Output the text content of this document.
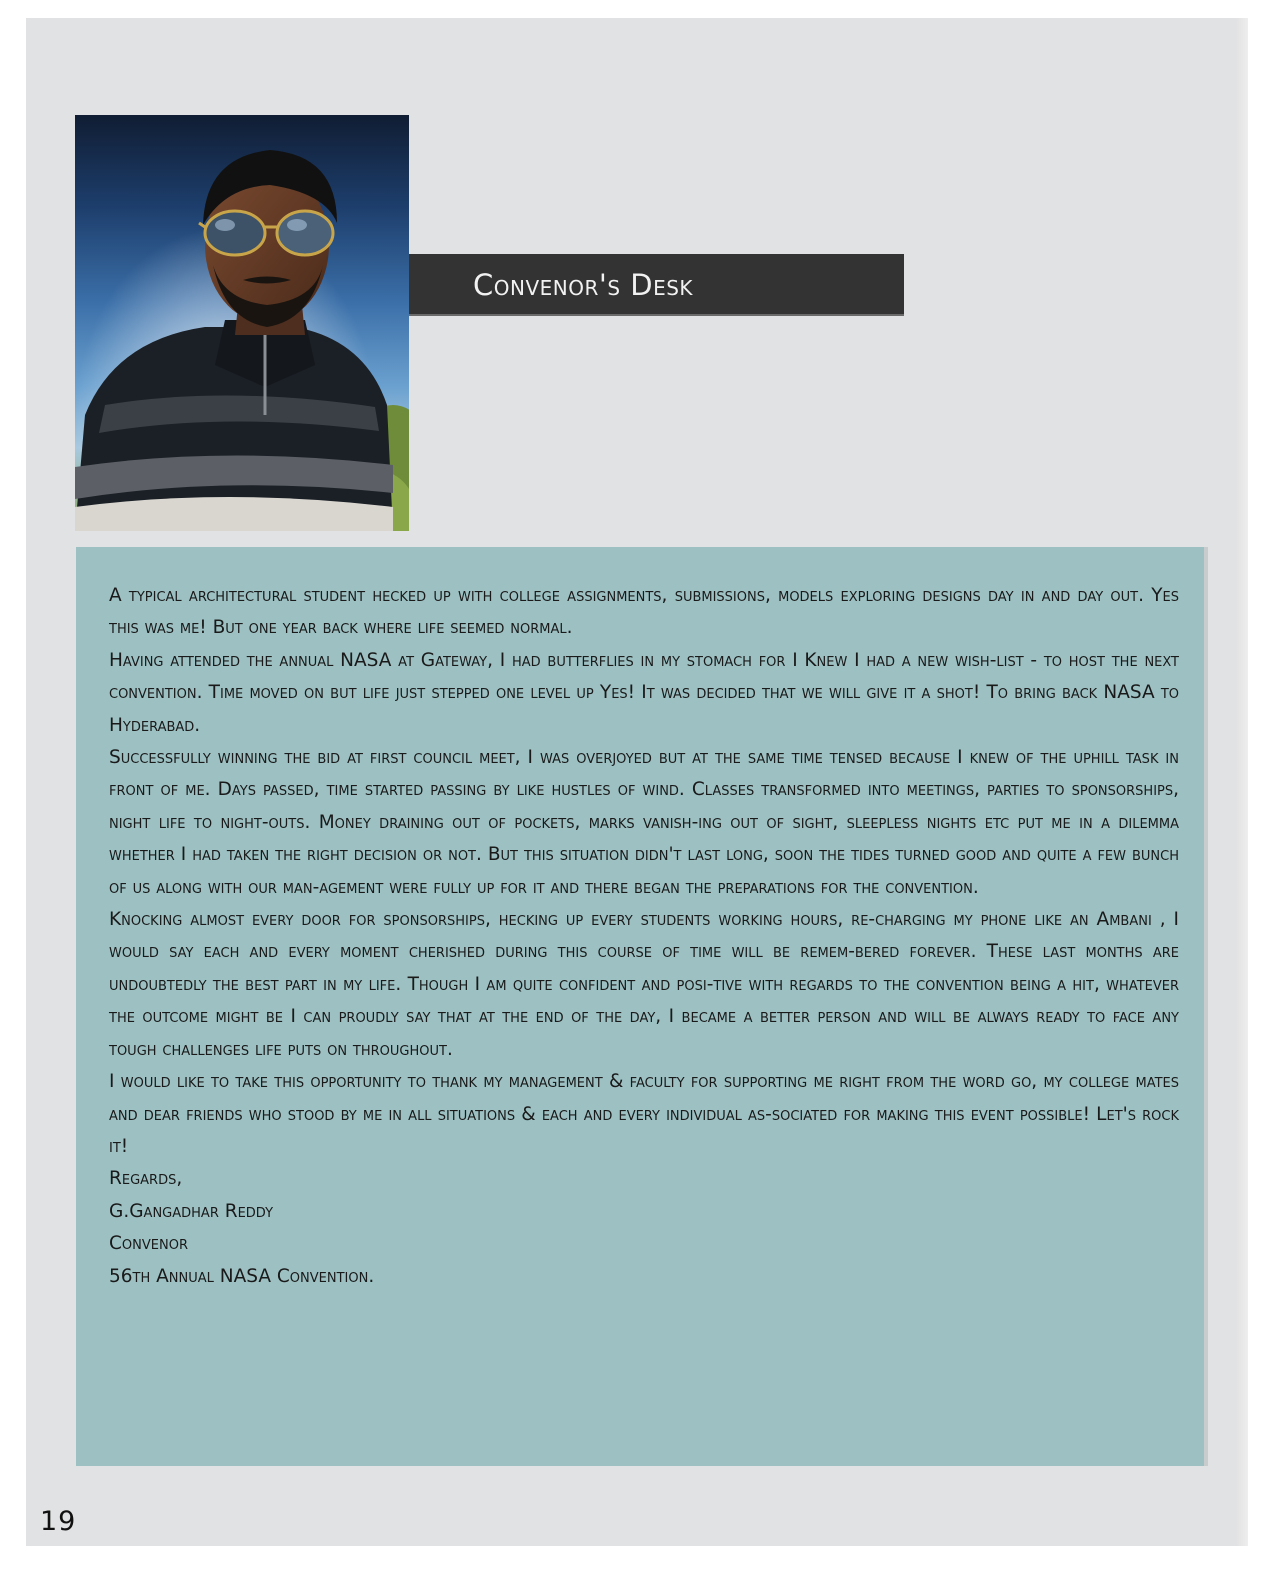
Convenor's Desk

A typical architectural student hecked up with college assignments, submissions, models exploring designs day in and day out. Yes this was me! But one year back where life seemed normal.

Having attended the annual NASA at Gateway, I had butterflies in my stomach for I Knew I had a new wish-list - to host the next convention. Time moved on but life just stepped one level up Yes! It was decided that we will give it a shot! To bring back NASA to Hyderabad.

Successfully winning the bid at first council meet, I was overjoyed but at the same time tensed because I knew of the uphill task in front of me. Days passed, time started passing by like hustles of wind. Classes transformed into meetings, parties to sponsorships, night life to night-outs. Money draining out of pockets, marks vanish-ing out of sight, sleepless nights etc put me in a dilemma whether I had taken the right decision or not. But this situation didn't last long, soon the tides turned good and quite a few bunch of us along with our man-agement were fully up for it and there began the preparations for the convention.

Knocking almost every door for sponsorships, hecking up every students working hours, re-charging my phone like an Ambani , I would say each and every moment cherished during this course of time will be remem-bered forever. These last months are undoubtedly the best part in my life. Though I am quite confident and posi-tive with regards to the convention being a hit, whatever the outcome might be I can proudly say that at the end of the day, I became a better person and will be always ready to face any tough challenges life puts on throughout.

I would like to take this opportunity to thank my management & faculty for supporting me right from the word go, my college mates and dear friends who stood by me in all situations & each and every individual as-sociated for making this event possible! Let's rock it!

Regards,

G.Gangadhar Reddy

Convenor

56th Annual NASA Convention.

19
